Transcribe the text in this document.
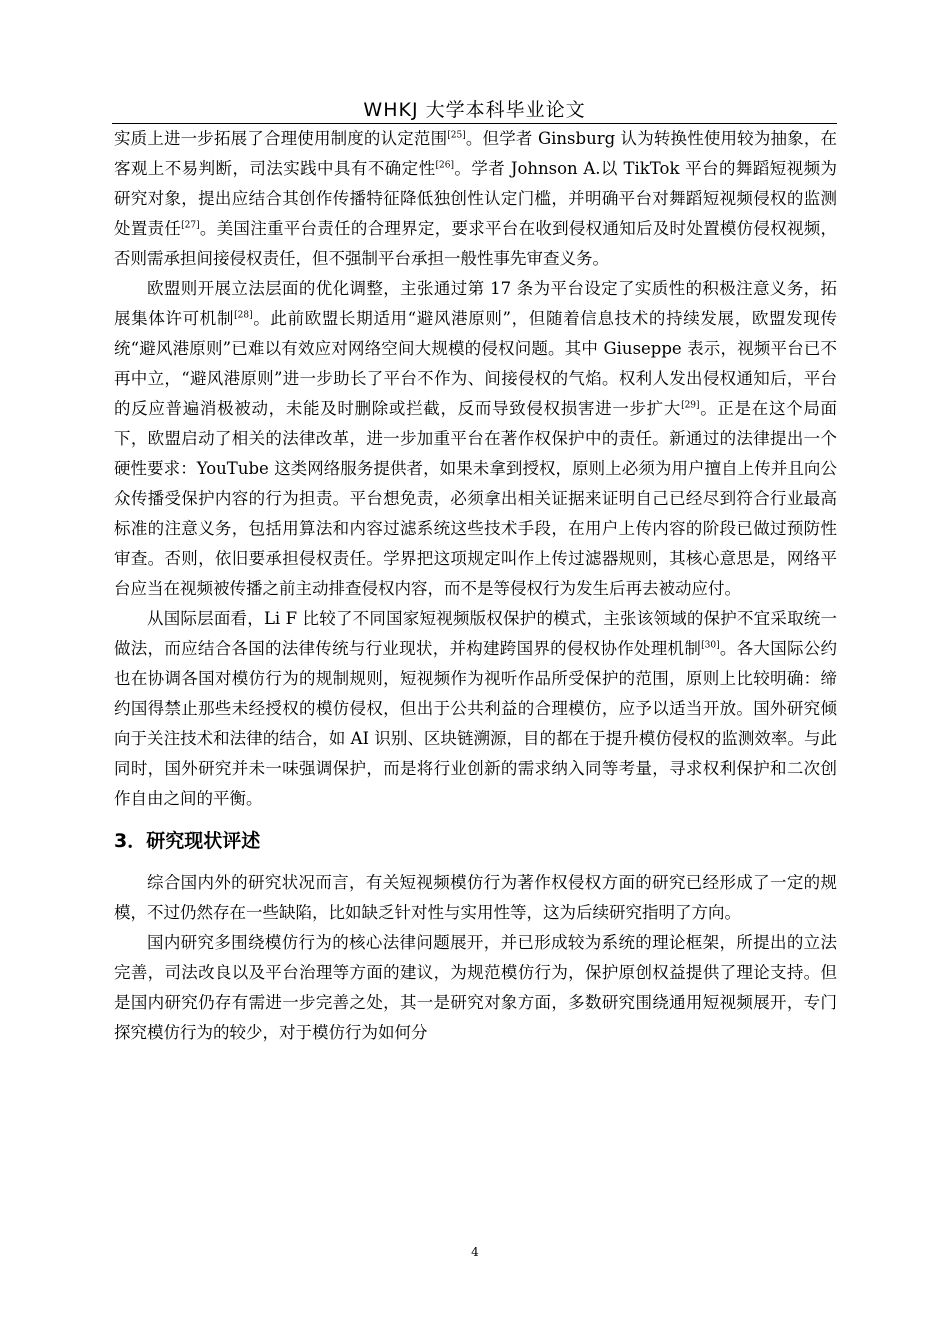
WHKJ 大学本科毕业论文

实质上进一步拓展了合理使用制度的认定范围[25]。但学者 Ginsburg 认为转换性使用较为抽象，在客观上不易判断，司法实践中具有不确定性[26]。学者 Johnson A.以 TikTok 平台的舞蹈短视频为研究对象，提出应结合其创作传播特征降低独创性认定门槛，并明确平台对舞蹈短视频侵权的监测处置责任[27]。美国注重平台责任的合理界定，要求平台在收到侵权通知后及时处置模仿侵权视频，否则需承担间接侵权责任，但不强制平台承担一般性事先审查义务。

欧盟则开展立法层面的优化调整，主张通过第 17 条为平台设定了实质性的积极注意义务，拓展集体许可机制[28]。此前欧盟长期适用“避风港原则”，但随着信息技术的持续发展，欧盟发现传统“避风港原则”已难以有效应对网络空间大规模的侵权问题。其中 Giuseppe 表示，视频平台已不再中立，“避风港原则”进一步助长了平台不作为、间接侵权的气焰。权利人发出侵权通知后，平台的反应普遍消极被动，未能及时删除或拦截，反而导致侵权损害进一步扩大[29]。正是在这个局面下，欧盟启动了相关的法律改革，进一步加重平台在著作权保护中的责任。新通过的法律提出一个硬性要求：YouTube 这类网络服务提供者，如果未拿到授权，原则上必须为用户擅自上传并且向公众传播受保护内容的行为担责。平台想免责，必须拿出相关证据来证明自己已经尽到符合行业最高标准的注意义务，包括用算法和内容过滤系统这些技术手段，在用户上传内容的阶段已做过预防性审查。否则，依旧要承担侵权责任。学界把这项规定叫作上传过滤器规则，其核心意思是，网络平台应当在视频被传播之前主动排查侵权内容，而不是等侵权行为发生后再去被动应付。

从国际层面看，Li F 比较了不同国家短视频版权保护的模式，主张该领域的保护不宜采取统一做法，而应结合各国的法律传统与行业现状，并构建跨国界的侵权协作处理机制[30]。各大国际公约也在协调各国对模仿行为的规制规则，短视频作为视听作品所受保护的范围，原则上比较明确：缔约国得禁止那些未经授权的模仿侵权，但出于公共利益的合理模仿，应予以适当开放。国外研究倾向于关注技术和法律的结合，如 AI 识别、区块链溯源，目的都在于提升模仿侵权的监测效率。与此同时，国外研究并未一味强调保护，而是将行业创新的需求纳入同等考量，寻求权利保护和二次创作自由之间的平衡。

3．研究现状评述

综合国内外的研究状况而言，有关短视频模仿行为著作权侵权方面的研究已经形成了一定的规模，不过仍然存在一些缺陷，比如缺乏针对性与实用性等，这为后续研究指明了方向。

国内研究多围绕模仿行为的核心法律问题展开，并已形成较为系统的理论框架，所提出的立法完善，司法改良以及平台治理等方面的建议，为规范模仿行为，保护原创权益提供了理论支持。但是国内研究仍存有需进一步完善之处，其一是研究对象方面，多数研究围绕通用短视频展开，专门探究模仿行为的较少，对于模仿行为如何分

4
